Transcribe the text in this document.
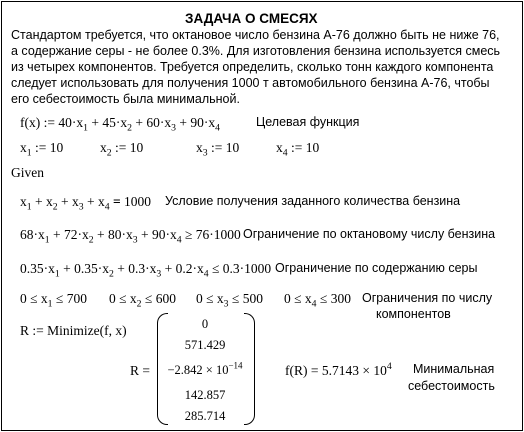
ЗАДАЧА О СМЕСЯХ
Стандартом требуется, что октановое число бензина А-76 должно быть не ниже 76,
а содержание серы - не более 0.3%. Для изготовления бензина используется смесь
из четырех компонентов. Требуется определить, сколько тонн каждого компонента
следует использовать для получения 1000 т автомобильного бензина А-76, чтобы
его себестоимость была минимальной.
f(x) := $40\cdot x_1 + 45\cdot x_2 + 60\cdot x_3 + 90\cdot x_4$	Целевая функция
$x_1$ := 10	$x_2$ := 10	$x_3$ := 10	$x_4$ := 10
Given
$x_1 + x_2 + x_3 + x_4 = 1000$ Условие получения заданного количества бензина
$68\cdot x_1 + 72\cdot x_2 + 80\cdot x_3 + 90\cdot x_4 \ge 76\cdot 1000$ Ограничение по октановому числу бензина
$0.35\cdot x_1 + 0.35\cdot x_2 + 0.3\cdot x_3 + 0.2\cdot x_4 \le 0.3\cdot 1000$ Ограничение по содержанию серы
$0 \le x_1 \le 700$ $0 \le x_2 \le 600$ $0 \le x_3 \le 500$ $0 \le x_4 \le 300$ Ограничения по числу
компонентов
R := Minimize(f, x)
R =
0
571.429
$-2.842 \times 10^{-14}$
142.857
285.714
$f(R) = 5.7143 \times 10^4$ Минимальная
себестоимость
